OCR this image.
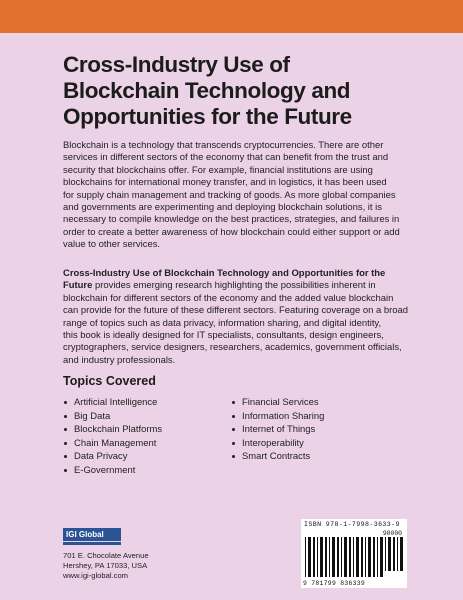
Cross-Industry Use of
Blockchain Technology and
Opportunities for the Future
Blockchain is a technology that transcends cryptocurrencies. There are other
services in different sectors of the economy that can benefit from the trust and
security that blockchains offer. For example, financial institutions are using
blockchains for international money transfer, and in logistics, it has been used
for supply chain management and tracking of goods. As more global companies
and governments are experimenting and deploying blockchain solutions, it is
necessary to compile knowledge on the best practices, strategies, and failures in
order to create a better awareness of how blockchain could either support or add
value to other services.
Cross-Industry Use of Blockchain Technology and Opportunities for the
Future provides emerging research highlighting the possibilities inherent in
blockchain for different sectors of the economy and the added value blockchain
can provide for the future of these different sectors. Featuring coverage on a broad
range of topics such as data privacy, information sharing, and digital identity,
this book is ideally designed for IT specialists, consultants, design engineers,
cryptographers, service designers, researchers, academics, government officials,
and industry professionals.
Topics Covered
Artificial Intelligence
Big Data
Blockchain Platforms
Chain Management
Data Privacy
E-Government
Financial Services
Information Sharing
Internet of Things
Interoperability
Smart Contracts
IGI Global
701 E. Chocolate Avenue
Hershey, PA 17033, USA
www.igi-global.com
ISBN 978-1-7998-3633-9
90000
9 781799 836339
